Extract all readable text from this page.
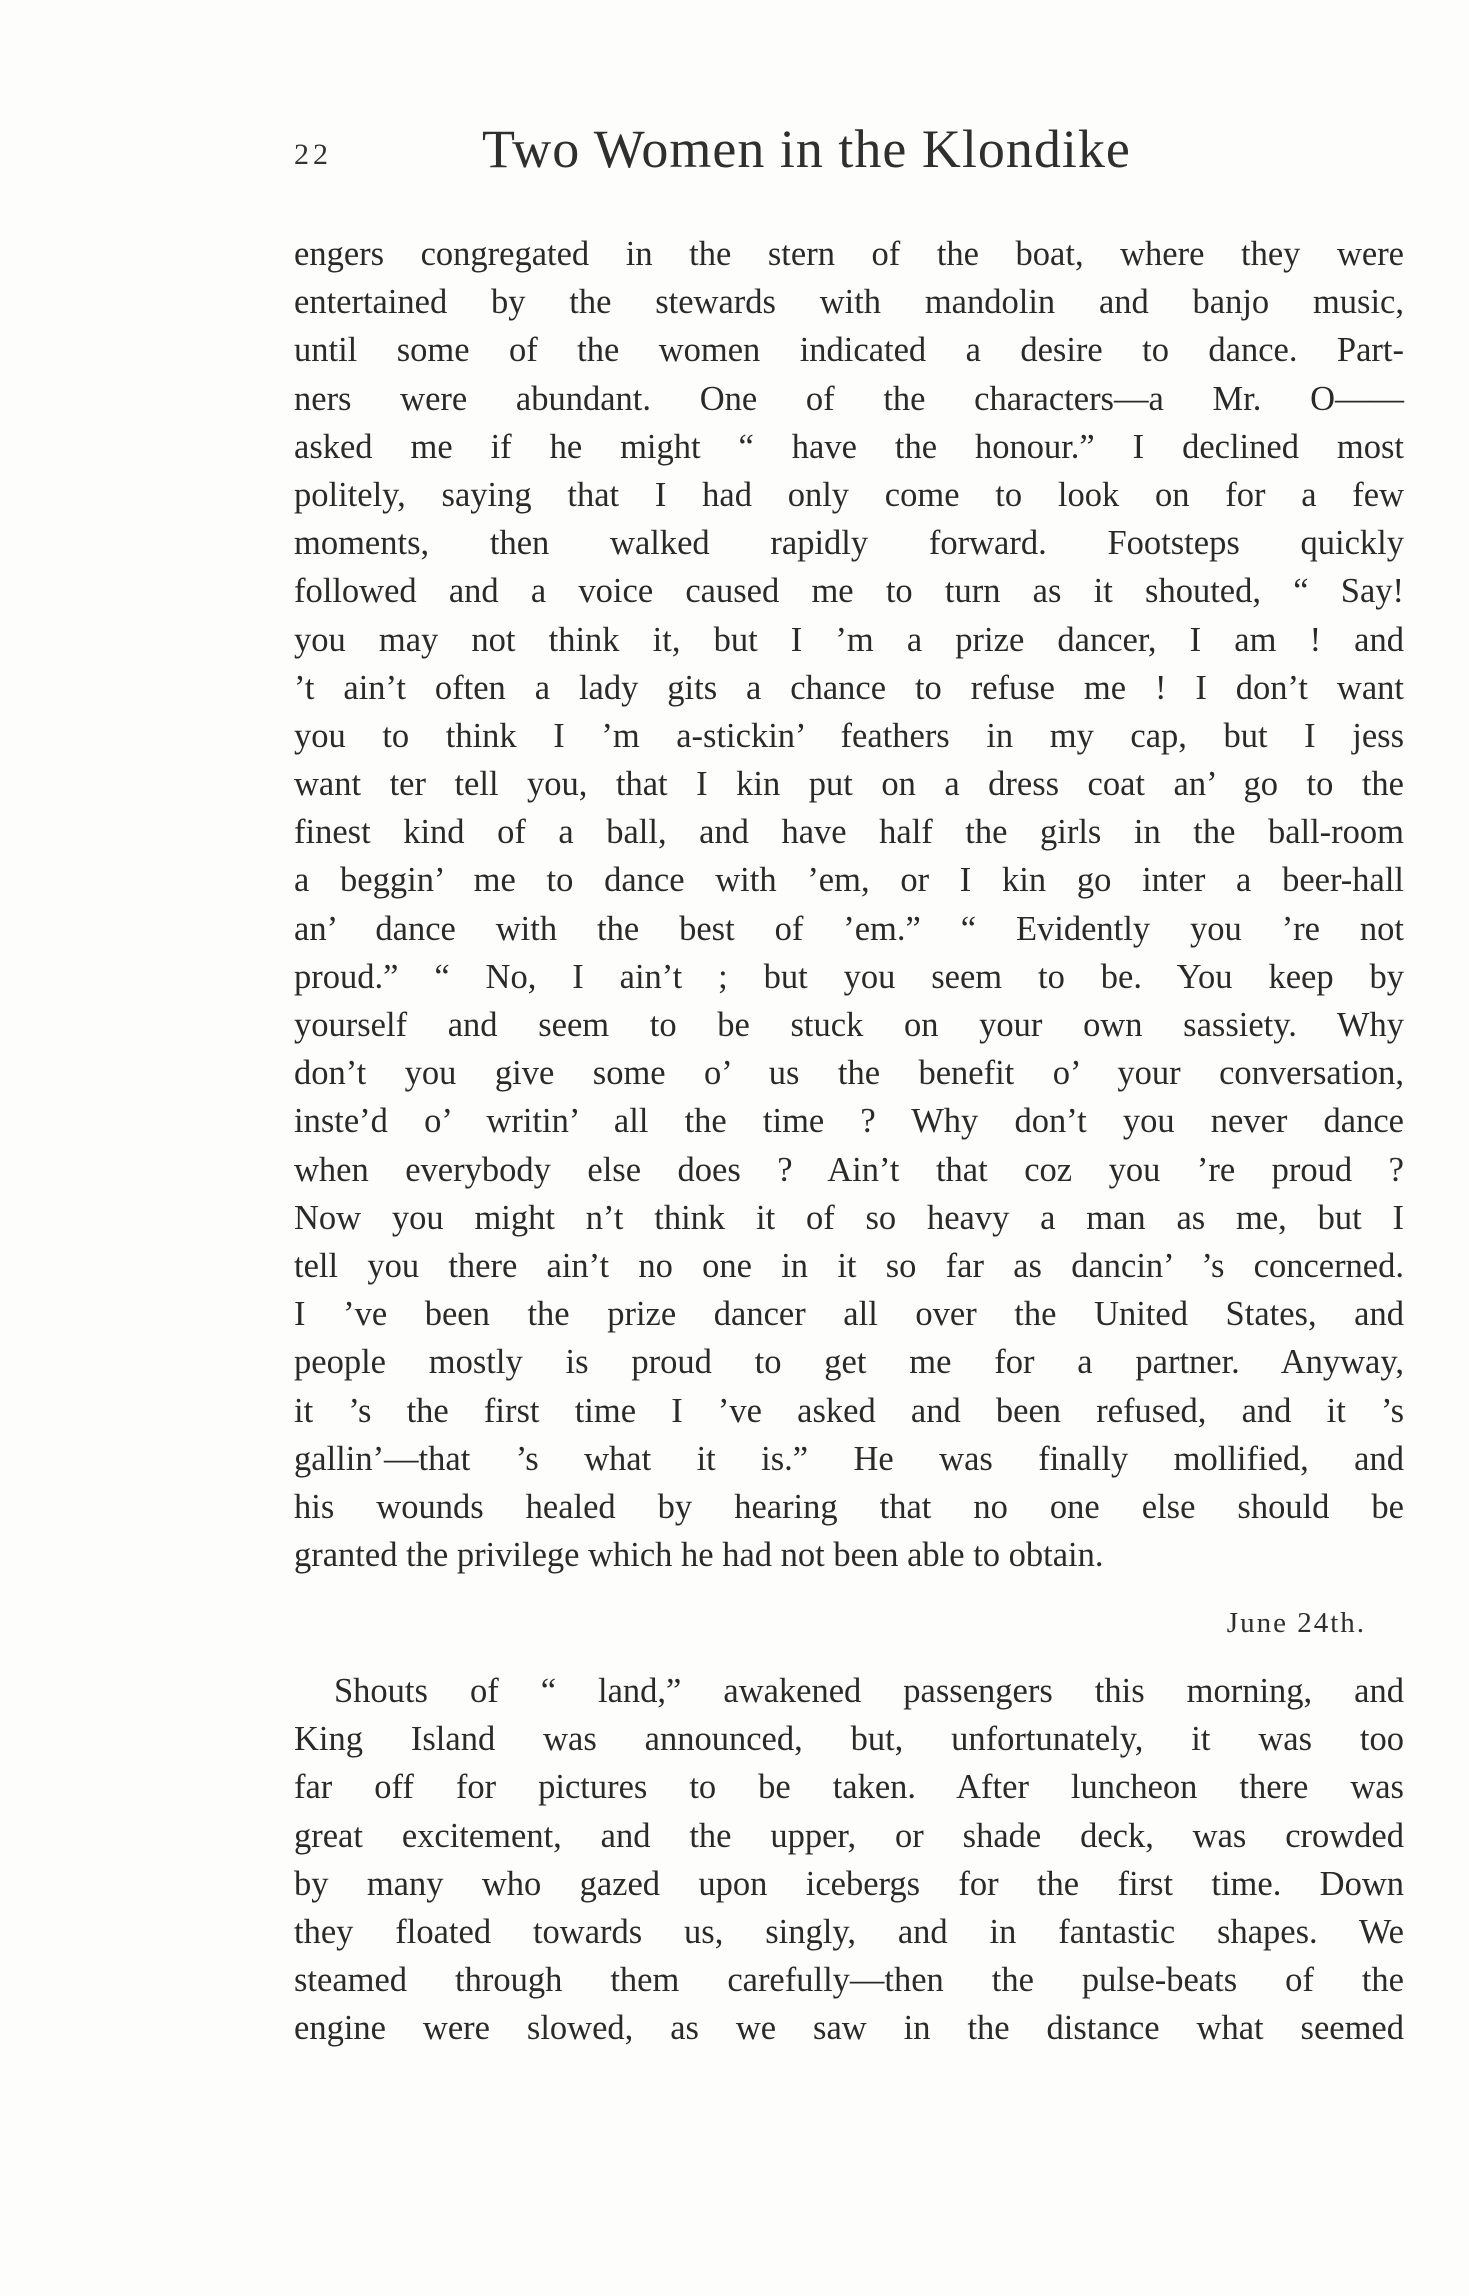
22	Two Women in the Klondike
engers congregated in the stern of the boat, where they were
entertained by the stewards with mandolin and banjo music,
until some of the women indicated a desire to dance. Part-
ners were abundant. One of the characters—a Mr. O——
asked me if he might “ have the honour.” I declined most
politely, saying that I had only come to look on for a few
moments, then walked rapidly forward. Footsteps quickly
followed and a voice caused me to turn as it shouted, “ Say!
you may not think it, but I ’m a prize dancer, I am ! and
’t ain’t often a lady gits a chance to refuse me ! I don’t want
you to think I ’m a-stickin’ feathers in my cap, but I jess
want ter tell you, that I kin put on a dress coat an’ go to the
finest kind of a ball, and have half the girls in the ball-room
a beggin’ me to dance with ’em, or I kin go inter a beer-hall
an’ dance with the best of ’em.” “ Evidently you ’re not
proud.” “ No, I ain’t ; but you seem to be. You keep by
yourself and seem to be stuck on your own sassiety. Why
don’t you give some o’ us the benefit o’ your conversation,
inste’d o’ writin’ all the time ? Why don’t you never dance
when everybody else does ? Ain’t that coz you ’re proud ?
Now you might n’t think it of so heavy a man as me, but I
tell you there ain’t no one in it so far as dancin’ ’s concerned.
I ’ve been the prize dancer all over the United States, and
people mostly is proud to get me for a partner. Anyway,
it ’s the first time I ’ve asked and been refused, and it ’s
gallin’—that ’s what it is.” He was finally mollified, and
his wounds healed by hearing that no one else should be
granted the privilege which he had not been able to obtain.
June 24th.
Shouts of “ land,” awakened passengers this morning, and
King Island was announced, but, unfortunately, it was too
far off for pictures to be taken. After luncheon there was
great excitement, and the upper, or shade deck, was crowded
by many who gazed upon icebergs for the first time. Down
they floated towards us, singly, and in fantastic shapes. We
steamed through them carefully—then the pulse-beats of the
engine were slowed, as we saw in the distance what seemed
